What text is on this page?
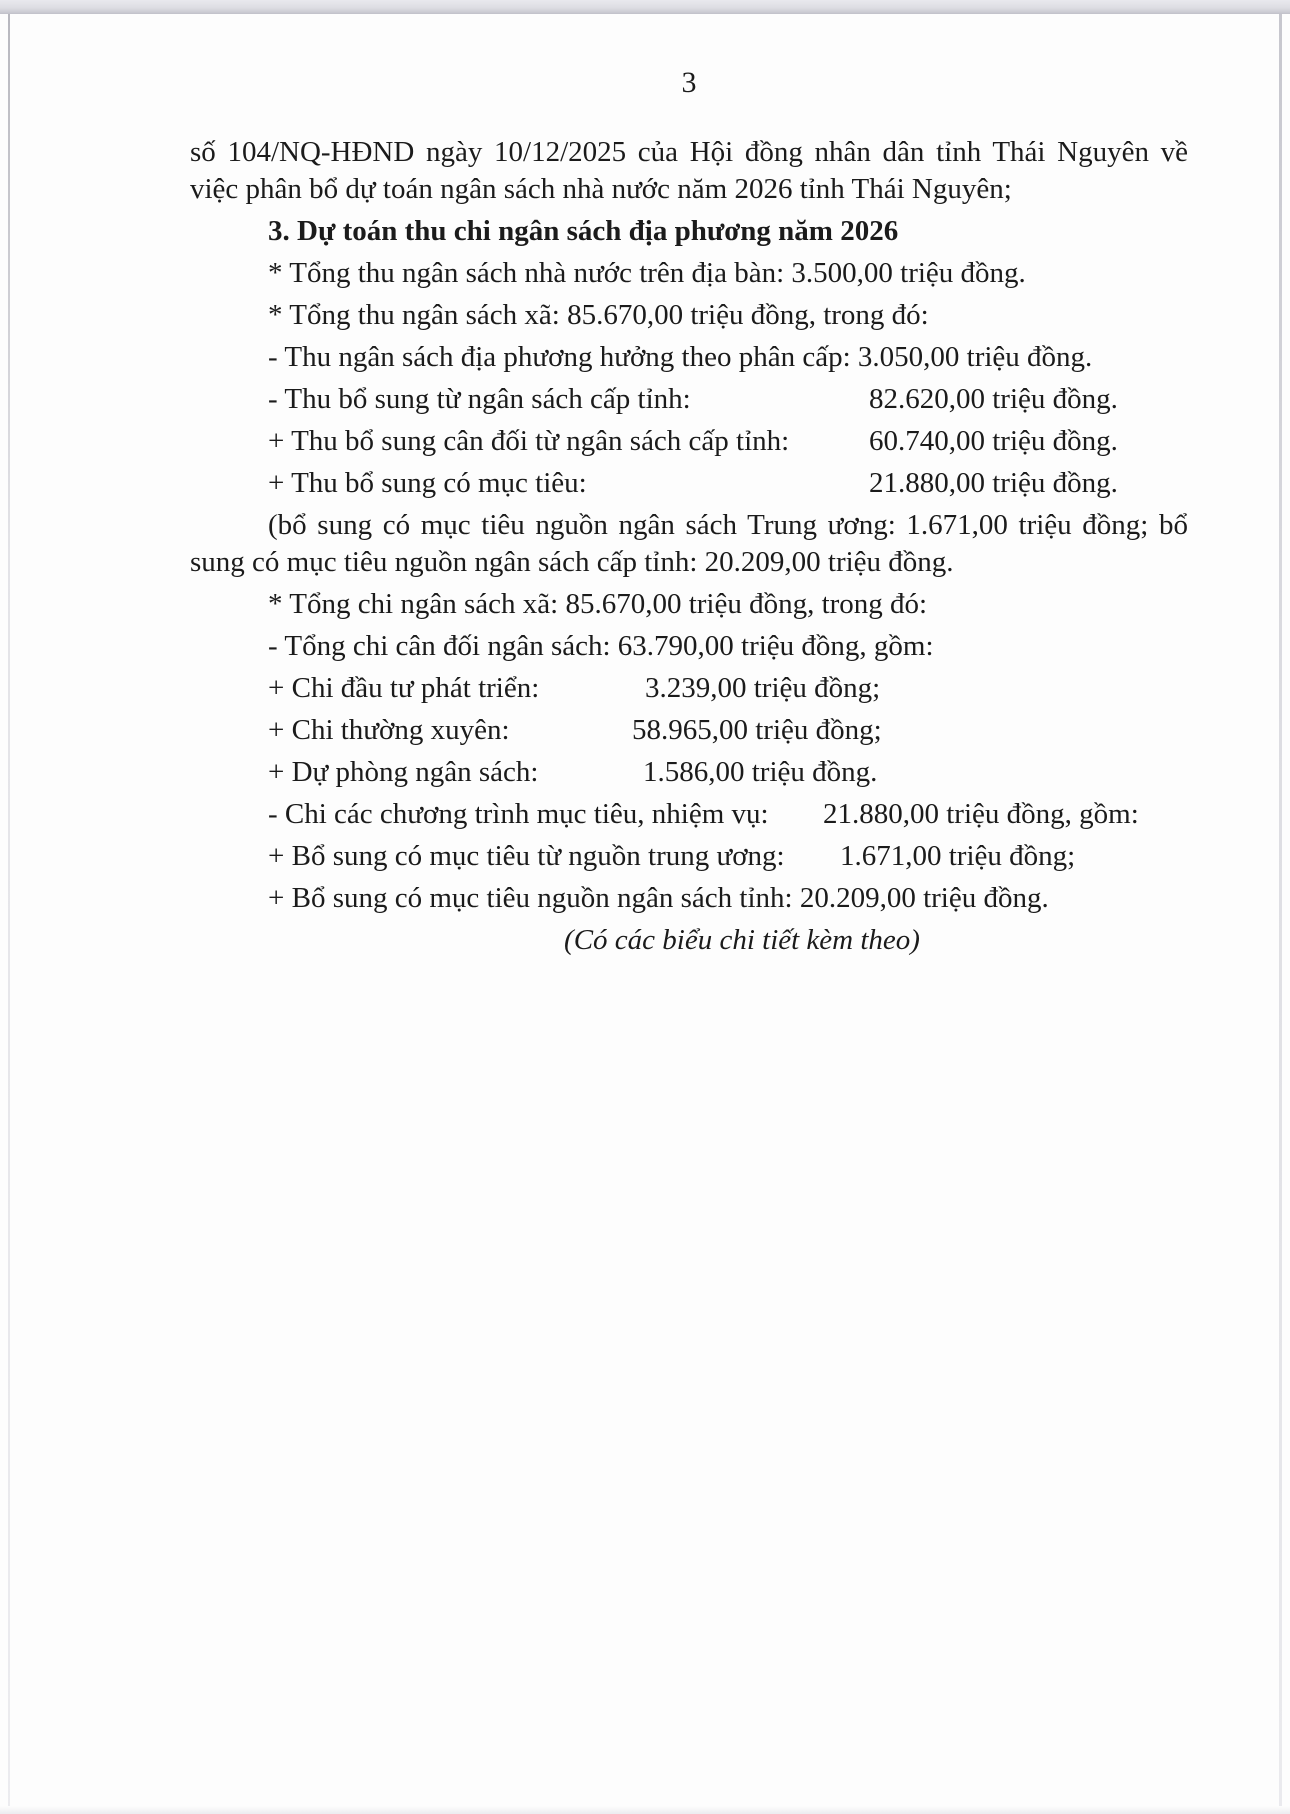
3
số 104/NQ-HĐND ngày 10/12/2025 của Hội đồng nhân dân tỉnh Thái Nguyên về việc phân bổ dự toán ngân sách nhà nước năm 2026 tỉnh Thái Nguyên;
3. Dự toán thu chi ngân sách địa phương năm 2026
* Tổng thu ngân sách nhà nước trên địa bàn: 3.500,00 triệu đồng.
* Tổng thu ngân sách xã: 85.670,00 triệu đồng, trong đó:
- Thu ngân sách địa phương hưởng theo phân cấp: 3.050,00 triệu đồng.
- Thu bổ sung từ ngân sách cấp tỉnh:	82.620,00 triệu đồng.
+ Thu bổ sung cân đối từ ngân sách cấp tỉnh:	60.740,00 triệu đồng.
+ Thu bổ sung có mục tiêu:	21.880,00 triệu đồng.
(bổ sung có mục tiêu nguồn ngân sách Trung ương: 1.671,00 triệu đồng; bổ sung có mục tiêu nguồn ngân sách cấp tỉnh: 20.209,00 triệu đồng.
* Tổng chi ngân sách xã: 85.670,00 triệu đồng, trong đó:
- Tổng chi cân đối ngân sách: 63.790,00 triệu đồng, gồm:
+ Chi đầu tư phát triển:	3.239,00 triệu đồng;
+ Chi thường xuyên:	58.965,00 triệu đồng;
+ Dự phòng ngân sách:	1.586,00 triệu đồng.
- Chi các chương trình mục tiêu, nhiệm vụ: 21.880,00 triệu đồng, gồm:
+ Bổ sung có mục tiêu từ nguồn trung ương: 1.671,00 triệu đồng;
+ Bổ sung có mục tiêu nguồn ngân sách tỉnh: 20.209,00 triệu đồng.
(Có các biểu chi tiết kèm theo)
